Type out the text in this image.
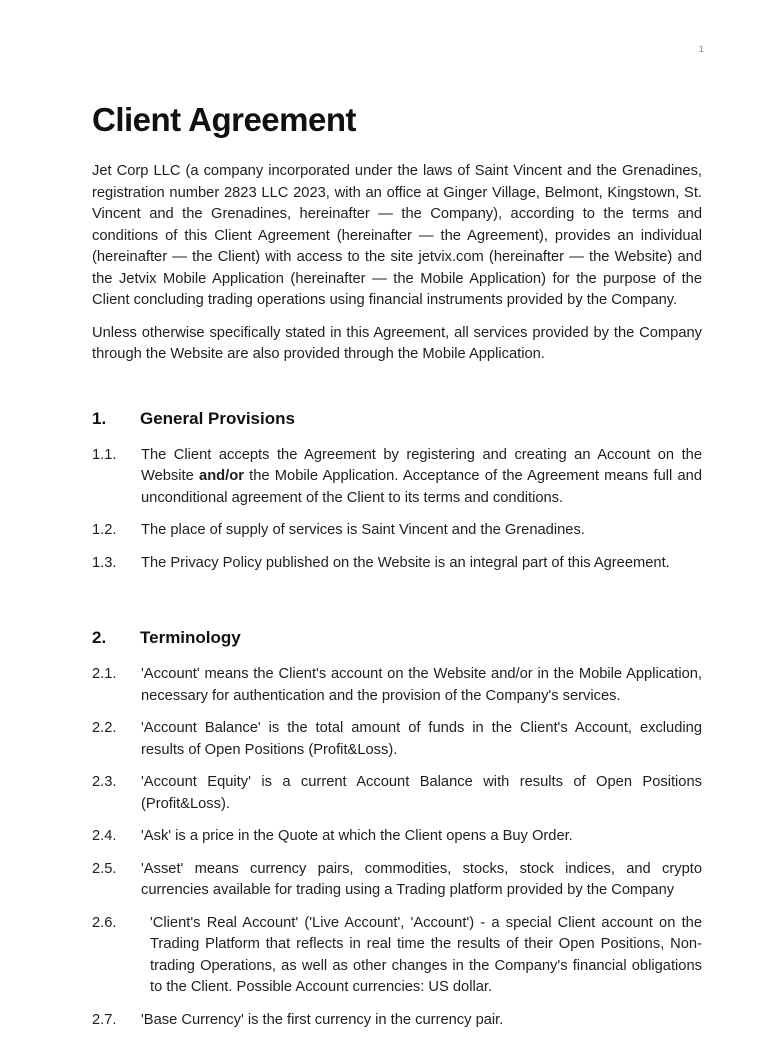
1
Client Agreement

Jet Corp LLC (a company incorporated under the laws of Saint Vincent and the Grenadines, registration number 2823 LLC 2023, with an office at Ginger Village, Belmont, Kingstown, St. Vincent and the Grenadines, hereinafter — the Company), according to the terms and conditions of this Client Agreement (hereinafter — the Agreement), provides an individual (hereinafter — the Client) with access to the site jetvix.com (hereinafter — the Website) and the Jetvix Mobile Application (hereinafter — the Mobile Application) for the purpose of the Client concluding trading operations using financial instruments provided by the Company.

Unless otherwise specifically stated in this Agreement, all services provided by the Company through the Website are also provided through the Mobile Application.

1.	General Provisions
1.1.	The Client accepts the Agreement by registering and creating an Account on the Website and/or the Mobile Application. Acceptance of the Agreement means full and unconditional agreement of the Client to its terms and conditions.
1.2.	The place of supply of services is Saint Vincent and the Grenadines.
1.3.	The Privacy Policy published on the Website is an integral part of this Agreement.
2.	Terminology
2.1.	'Account' means the Client's account on the Website and/or in the Mobile Application, necessary for authentication and the provision of the Company's services.
2.2.	'Account Balance' is the total amount of funds in the Client's Account, excluding results of Open Positions (Profit&Loss).
2.3.	'Account Equity' is a current Account Balance with results of Open Positions (Profit&Loss).
2.4.	'Ask' is a price in the Quote at which the Client opens a Buy Order.
2.5.	'Asset' means currency pairs, commodities, stocks, stock indices, and crypto currencies available for trading using a Trading platform provided by the Company
2.6.	'Client's Real Account' ('Live Account', 'Account') - a special Client account on the Trading Platform that reflects in real time the results of their Open Positions, Non-trading Operations, as well as other changes in the Company's financial obligations to the Client. Possible Account currencies: US dollar.
2.7.	'Base Currency' is the first currency in the currency pair.
